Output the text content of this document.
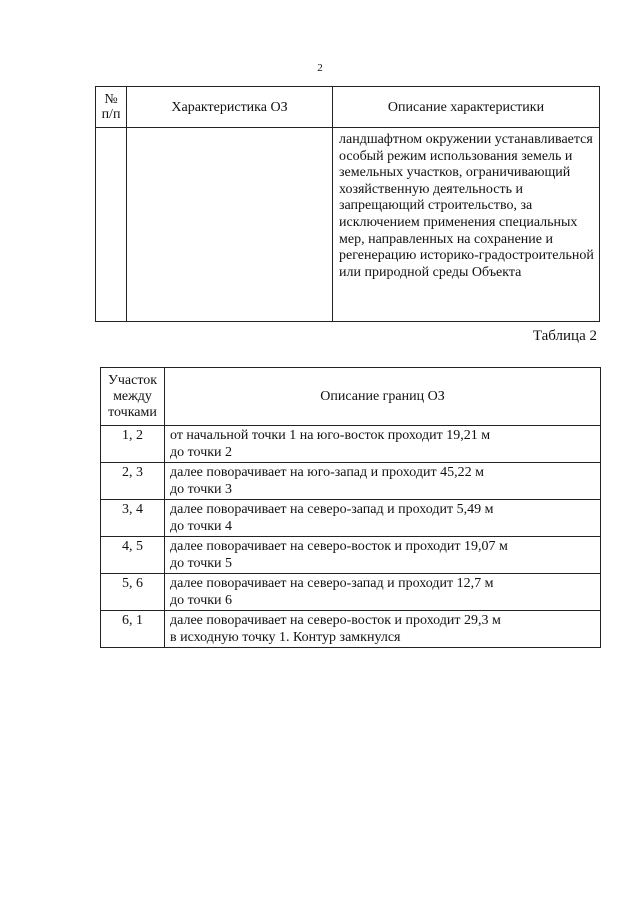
2
№
п/п	Характеристика ОЗ	Описание характеристики
		ландшафтном окружении устанавливается особый режим использования земель и земельных участков, ограничивающий хозяйственную деятельность и запрещающий строительство, за исключением применения специальных мер, направленных на сохранение и регенерацию историко-градостроительной или природной среды Объекта
Таблица 2
Участок
между
точками	Описание границ ОЗ
1, 2	от начальной точки 1 на юго-восток проходит 19,21 м
до точки 2
2, 3	далее поворачивает на юго-запад и проходит 45,22 м
до точки 3
3, 4	далее поворачивает на северо-запад и проходит 5,49 м
до точки 4
4, 5	далее поворачивает на северо-восток и проходит 19,07 м
до точки 5
5, 6	далее поворачивает на северо-запад и проходит 12,7 м
до точки 6
6, 1	далее поворачивает на северо-восток и проходит 29,3 м
в исходную точку 1. Контур замкнулся
